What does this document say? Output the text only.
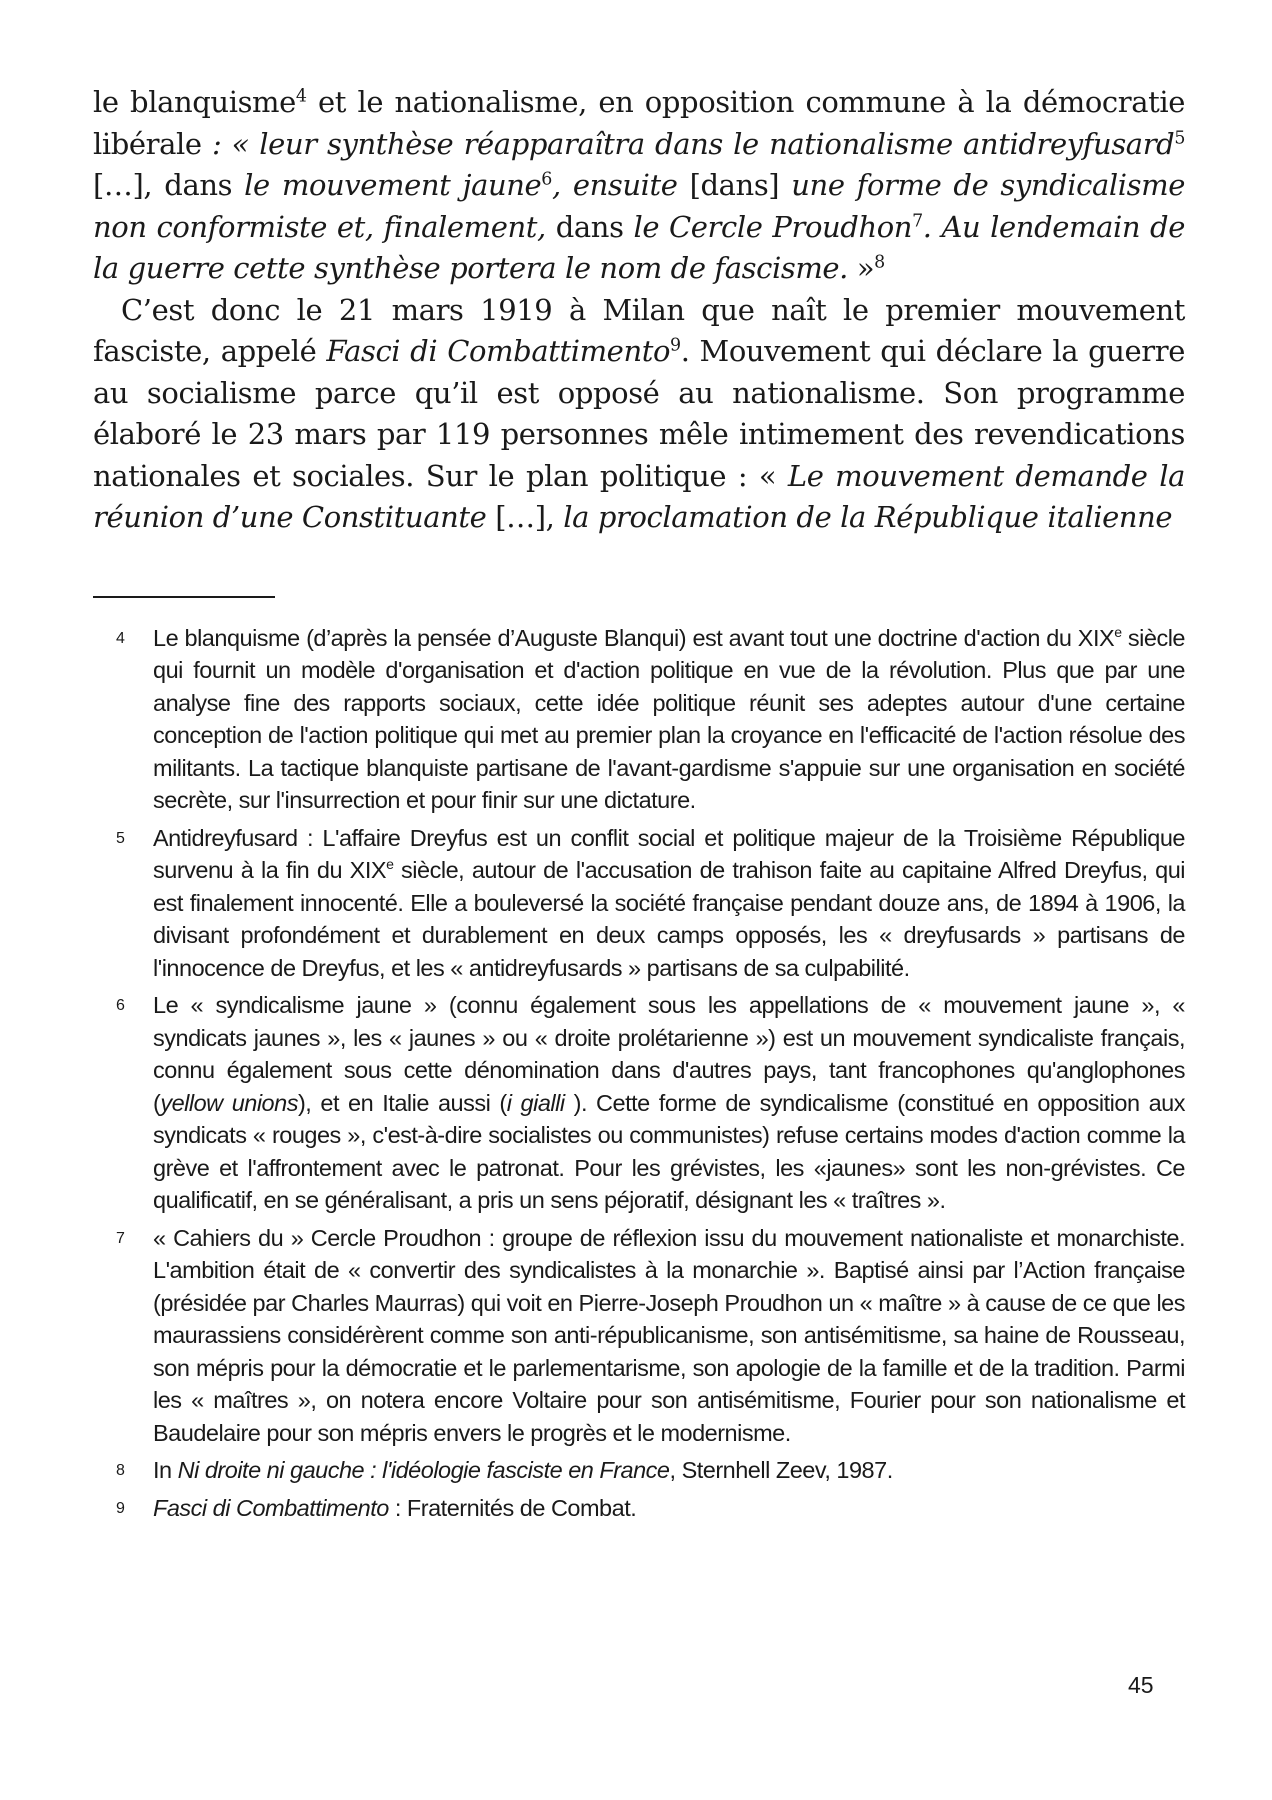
le blanquisme$^4$ et le nationalisme, en opposition commune à la démocratie libérale : « leur synthèse réapparaîtra dans le nationalisme antidreyfusard$^5$ […], dans le mouvement jaune$^6$, ensuite [dans] une forme de syndicalisme non conformiste et, finalement, dans le Cercle Proudhon$^7$. Au lendemain de la guerre cette synthèse portera le nom de fascisme. »$^8$

C’est donc le 21 mars 1919 à Milan que naît le premier mouvement fasciste, appelé Fasci di Combattimento$^9$. Mouvement qui déclare la guerre au socialisme parce qu’il est opposé au nationalisme. Son programme élaboré le 23 mars par 119 personnes mêle intimement des revendications nationales et sociales. Sur le plan politique : « Le mouvement demande la réunion d’une Constituante […], la proclamation de la République italienne

4	Le blanquisme (d’après la pensée d’Auguste Blanqui) est avant tout une doctrine d'action du XIXe siècle qui fournit un modèle d'organisation et d'action politique en vue de la révolution. Plus que par une analyse fine des rapports sociaux, cette idée politique réunit ses adeptes autour d'une certaine conception de l'action politique qui met au premier plan la croyance en l'efficacité de l'action résolue des militants. La tactique blanquiste partisane de l'avant-gardisme s'appuie sur une organisation en société secrète, sur l'insurrection et pour finir sur une dictature.

5	Antidreyfusard : L'affaire Dreyfus est un conflit social et politique majeur de la Troisième République survenu à la fin du XIXe siècle, autour de l'accusation de trahison faite au capitaine Alfred Dreyfus, qui est finalement innocenté. Elle a bouleversé la société française pendant douze ans, de 1894 à 1906, la divisant profondément et durablement en deux camps opposés, les « dreyfusards » partisans de l'innocence de Dreyfus, et les « antidreyfusards » partisans de sa culpabilité.

6	Le « syndicalisme jaune » (connu également sous les appellations de « mouvement jaune », « syndicats jaunes », les « jaunes » ou « droite prolétarienne ») est un mouvement syndicaliste français, connu également sous cette dénomination dans d'autres pays, tant francophones qu'anglophones (yellow unions), et en Italie aussi (i gialli ). Cette forme de syndicalisme (constitué en opposition aux syndicats « rouges », c'est-à-dire socialistes ou communistes) refuse certains modes d'action comme la grève et l'affrontement avec le patronat. Pour les grévistes, les «jaunes» sont les non-grévistes. Ce qualificatif, en se généralisant, a pris un sens péjoratif, désignant les « traîtres ».

7	« Cahiers du » Cercle Proudhon : groupe de réflexion issu du mouvement nationaliste et monarchiste. L'ambition était de « convertir des syndicalistes à la monarchie ». Baptisé ainsi par l’Action française (présidée par Charles Maurras) qui voit en Pierre-Joseph Proudhon un « maître » à cause de ce que les maurassiens considérèrent comme son anti-républicanisme, son antisémitisme, sa haine de Rousseau, son mépris pour la démocratie et le parlementarisme, son apologie de la famille et de la tradition. Parmi les « maîtres », on notera encore Voltaire pour son antisémitisme, Fourier pour son nationalisme et Baudelaire pour son mépris envers le progrès et le modernisme.

8	In Ni droite ni gauche : l'idéologie fasciste en France, Sternhell Zeev, 1987.

9	Fasci di Combattimento : Fraternités de Combat.

45
